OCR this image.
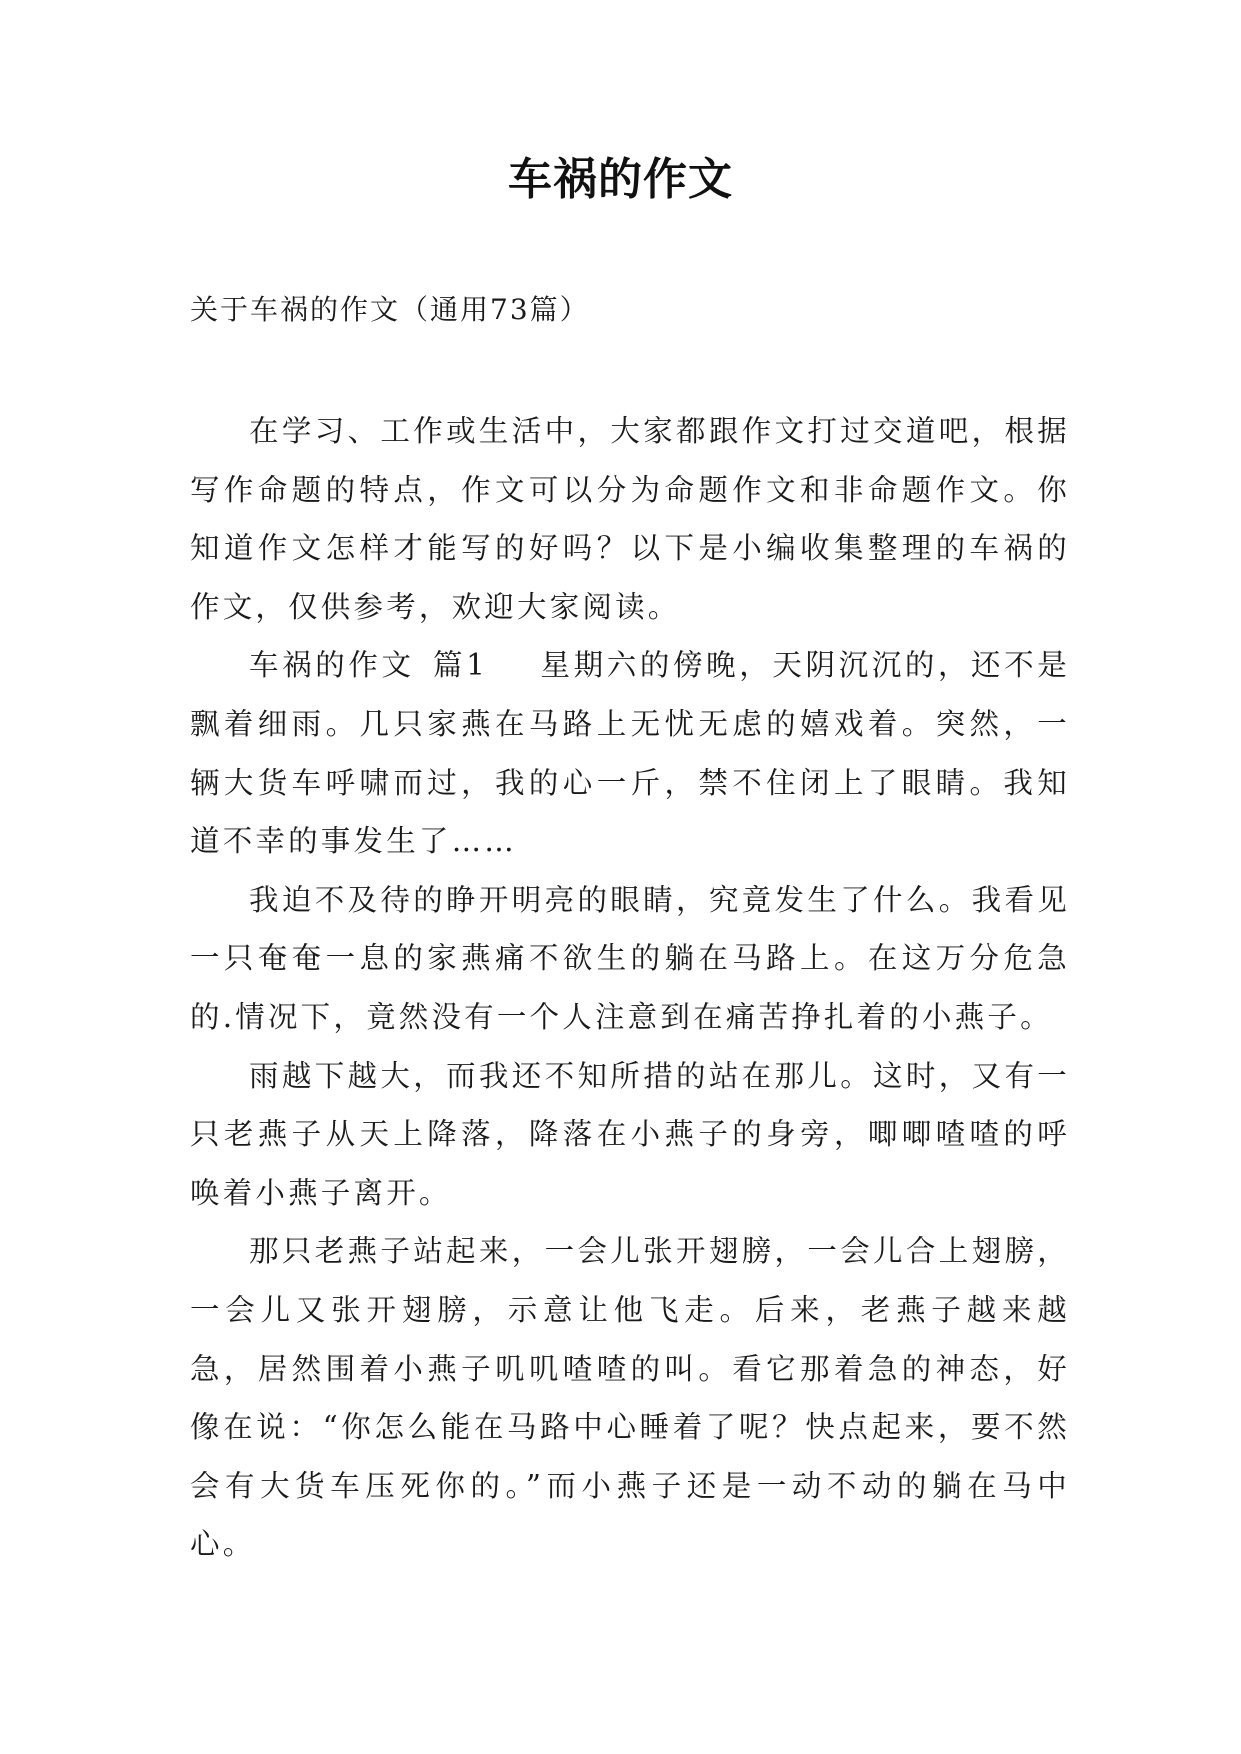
车祸的作文
关于车祸的作文（通用73篇）

在学习、工作或生活中，大家都跟作文打过交道吧，根据写作命题的特点，作文可以分为命题作文和非命题作文。你知道作文怎样才能写的好吗？以下是小编收集整理的车祸的作文，仅供参考，欢迎大家阅读。

车祸的作文 篇1 星期六的傍晚，天阴沉沉的，还不是飘着细雨。几只家燕在马路上无忧无虑的嬉戏着。突然，一辆大货车呼啸而过，我的心一斤，禁不住闭上了眼睛。我知道不幸的事发生了……

我迫不及待的睁开明亮的眼睛，究竟发生了什么。我看见一只奄奄一息的家燕痛不欲生的躺在马路上。在这万分危急的.情况下，竟然没有一个人注意到在痛苦挣扎着的小燕子。

雨越下越大，而我还不知所措的站在那儿。这时，又有一只老燕子从天上降落，降落在小燕子的身旁，唧唧喳喳的呼唤着小燕子离开。

那只老燕子站起来，一会儿张开翅膀，一会儿合上翅膀，一会儿又张开翅膀，示意让他飞走。后来，老燕子越来越急，居然围着小燕子叽叽喳喳的叫。看它那着急的神态，好像在说：“你怎么能在马路中心睡着了呢？快点起来，要不然会有大货车压死你的。”而小燕子还是一动不动的躺在马中心。
